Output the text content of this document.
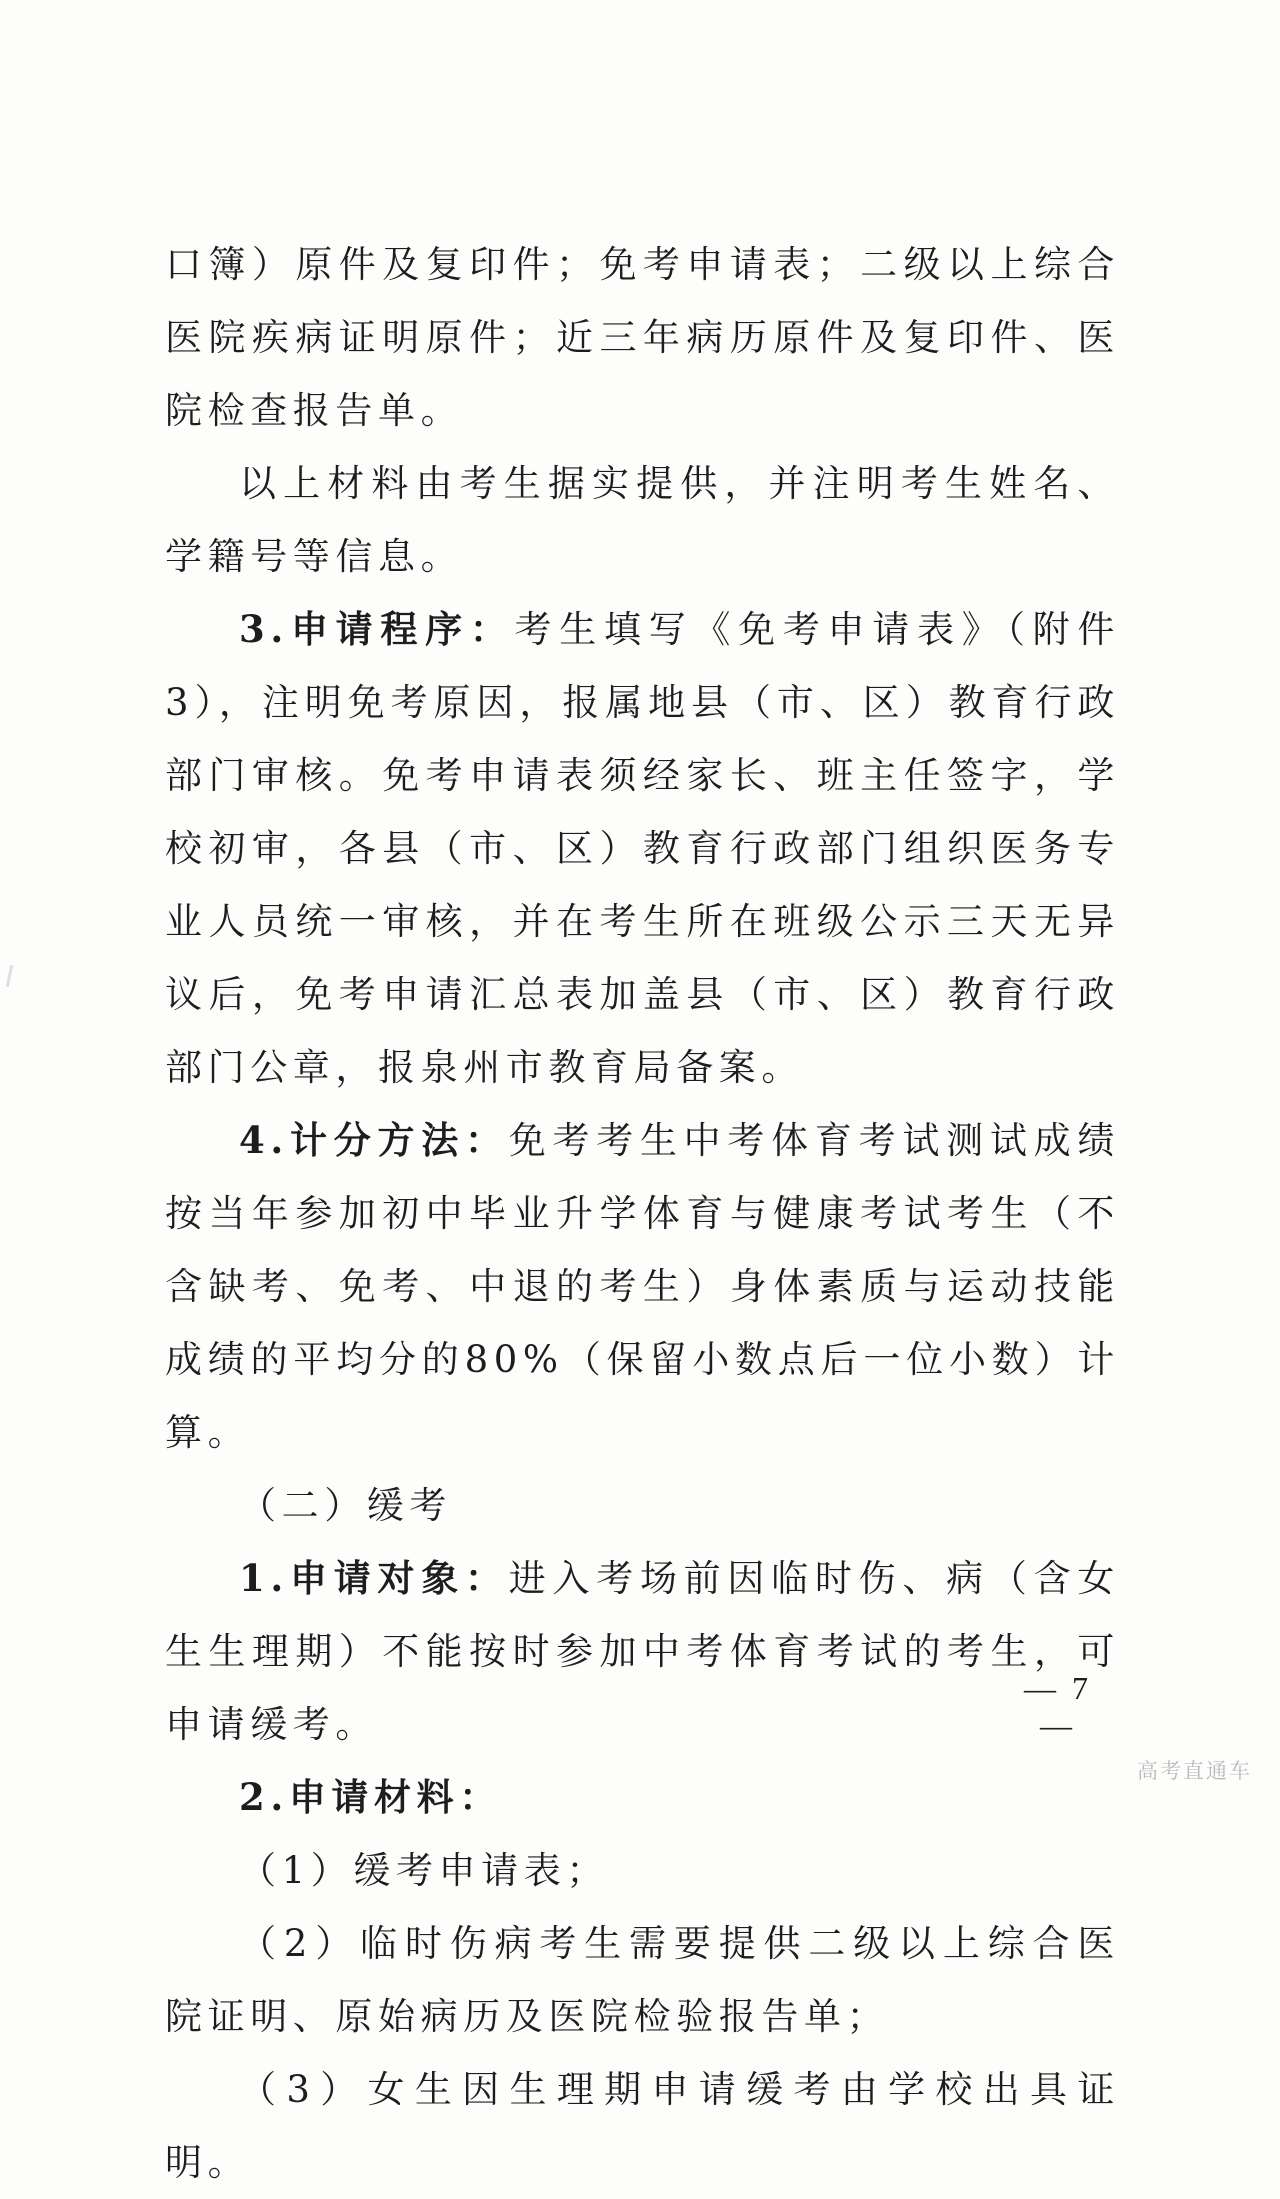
口簿）原件及复印件；免考申请表；二级以上综合医院疾病证明原件；近三年病历原件及复印件、医院检查报告单。

以上材料由考生据实提供，并注明考生姓名、学籍号等信息。

3.申请程序：考生填写《免考申请表》（附件3），注明免考原因，报属地县（市、区）教育行政部门审核。免考申请表须经家长、班主任签字，学校初审，各县（市、区）教育行政部门组织医务专业人员统一审核，并在考生所在班级公示三天无异议后，免考申请汇总表加盖县（市、区）教育行政部门公章，报泉州市教育局备案。

4.计分方法：免考考生中考体育考试测试成绩按当年参加初中毕业升学体育与健康考试考生（不含缺考、免考、中退的考生）身体素质与运动技能成绩的平均分的80%（保留小数点后一位小数）计算。

（二）缓考

1.申请对象：进入考场前因临时伤、病（含女生生理期）不能按时参加中考体育考试的考生，可申请缓考。

2.申请材料：

（1）缓考申请表；

（2）临时伤病考生需要提供二级以上综合医院证明、原始病历及医院检验报告单；

（3）女生因生理期申请缓考由学校出具证明。

— 7 —
高考直通车
